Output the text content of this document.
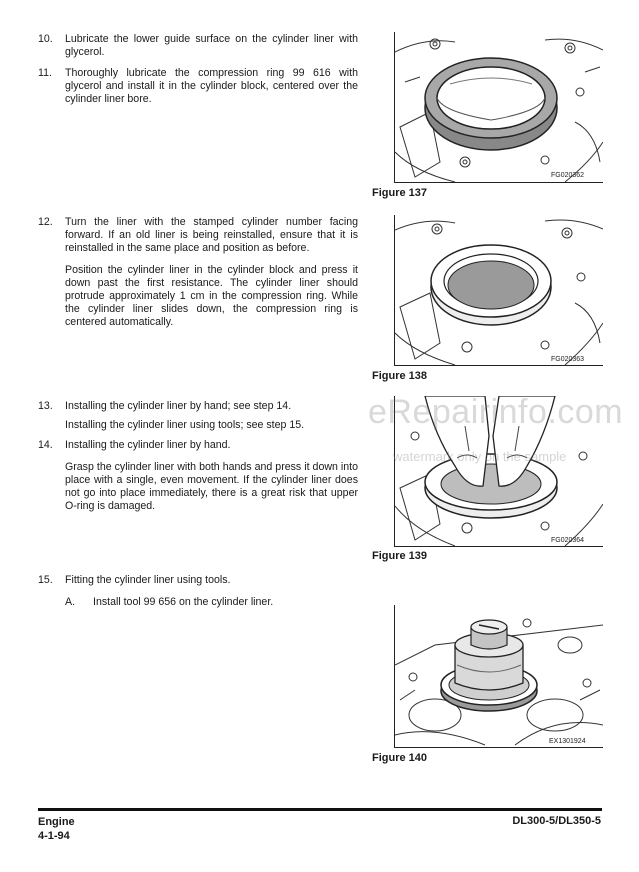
10. Lubricate the lower guide surface on the cylinder liner with glycerol.
11. Thoroughly lubricate the compression ring 99 616 with glycerol and install it in the cylinder block, centered over the cylinder liner bore.
FG020362
Figure 137
12. Turn the liner with the stamped cylinder number facing forward. If an old liner is being reinstalled, ensure that it is reinstalled in the same place and position as before.
Position the cylinder liner in the cylinder block and press it down past the first resistance. The cylinder liner should protrude approximately 1 cm in the compression ring. While the cylinder liner slides down, the compression ring is centered automatically.
FG020363
Figure 138
13. Installing the cylinder liner by hand; see step 14.
Installing the cylinder liner using tools; see step 15.
14. Installing the cylinder liner by hand.
Grasp the cylinder liner with both hands and press it down into place with a single, even movement. If the cylinder liner does not go into place immediately, there is a great risk that upper O-ring is damaged.
FG020364
Figure 139
eRepairinfo.com
watermark only on the sample
15. Fitting the cylinder liner using tools.
A. Install tool 99 656 on the cylinder liner.
EX1301924
Figure 140
Engine
4-1-94
DL300-5/DL350-5
